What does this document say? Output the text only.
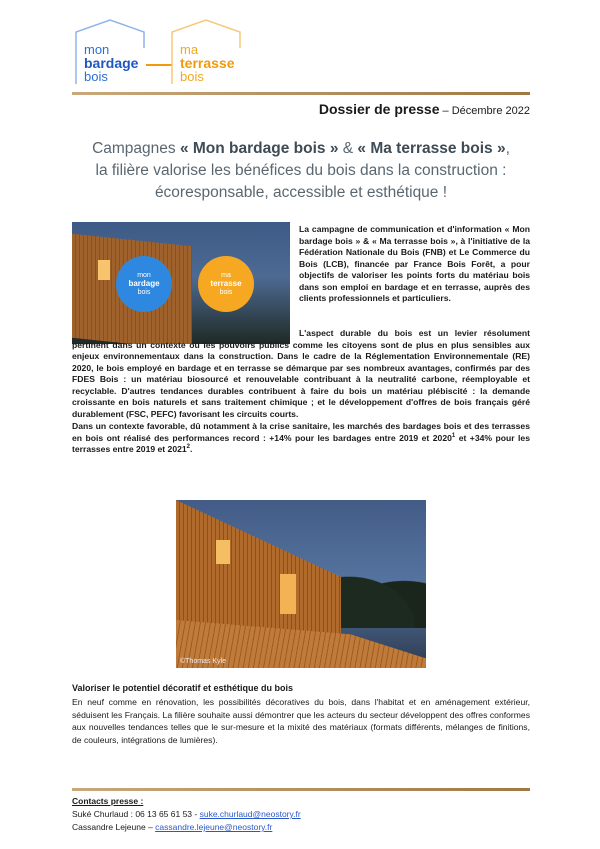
mon
bardage
bois
ma
terrasse
bois
Dossier de presse – Décembre 2022
Campagnes « Mon bardage bois » & « Ma terrasse bois »,
la filière valorise les bénéfices du bois dans la construction :
écoresponsable, accessible et esthétique !
mon
bardage
bois
ma
terrasse
bois

La campagne de communication et d'information « Mon bardage bois » & « Ma terrasse bois », à l'initiative de la Fédération Nationale du Bois (FNB) et Le Commerce du Bois (LCB), financée par France Bois Forêt, a pour objectifs de valoriser les points forts du matériau bois dans son emploi en bardage et en terrasse, auprès des clients professionnels et particuliers.

L'aspect durable du bois est un levier résolument pertinent dans un contexte où les pouvoirs publics comme les citoyens sont de plus en plus sensibles aux enjeux environnementaux dans la construction. Dans le cadre de la Réglementation Environnementale (RE) 2020, le bois employé en bardage et en terrasse se démarque par ses nombreux avantages, confirmés par des FDES Bois : un matériau biosourcé et renouvelable contribuant à la neutralité carbone, réemployable et recyclable. D'autres tendances durables contribuent à faire du bois un matériau plébiscité : la demande croissante en bois naturels et sans traitement chimique ; et le développement d'offres de bois français géré durablement (FSC, PEFC) favorisant les circuits courts.

Dans un contexte favorable, dû notamment à la crise sanitaire, les marchés des bardages bois et des terrasses en bois ont réalisé des performances record : +14% pour les bardages entre 2019 et 2020$^1$ et +34% pour les terrasses entre 2019 et 2021$^2$.

©Thomas Kyle
Valoriser le potentiel décoratif et esthétique du bois

En neuf comme en rénovation, les possibilités décoratives du bois, dans l'habitat et en aménagement extérieur, séduisent les Français. La filière souhaite aussi démontrer que les acteurs du secteur développent des offres conformes aux nouvelles tendances telles que le sur-mesure et la mixité des matériaux (formats différents, mélanges de finitions, de couleurs, intégrations de lumières).

Contacts presse :
Suké Churlaud : 06 13 65 61 53 - suke.churlaud@neostory.fr
Cassandre Lejeune – cassandre.lejeune@neostory.fr
